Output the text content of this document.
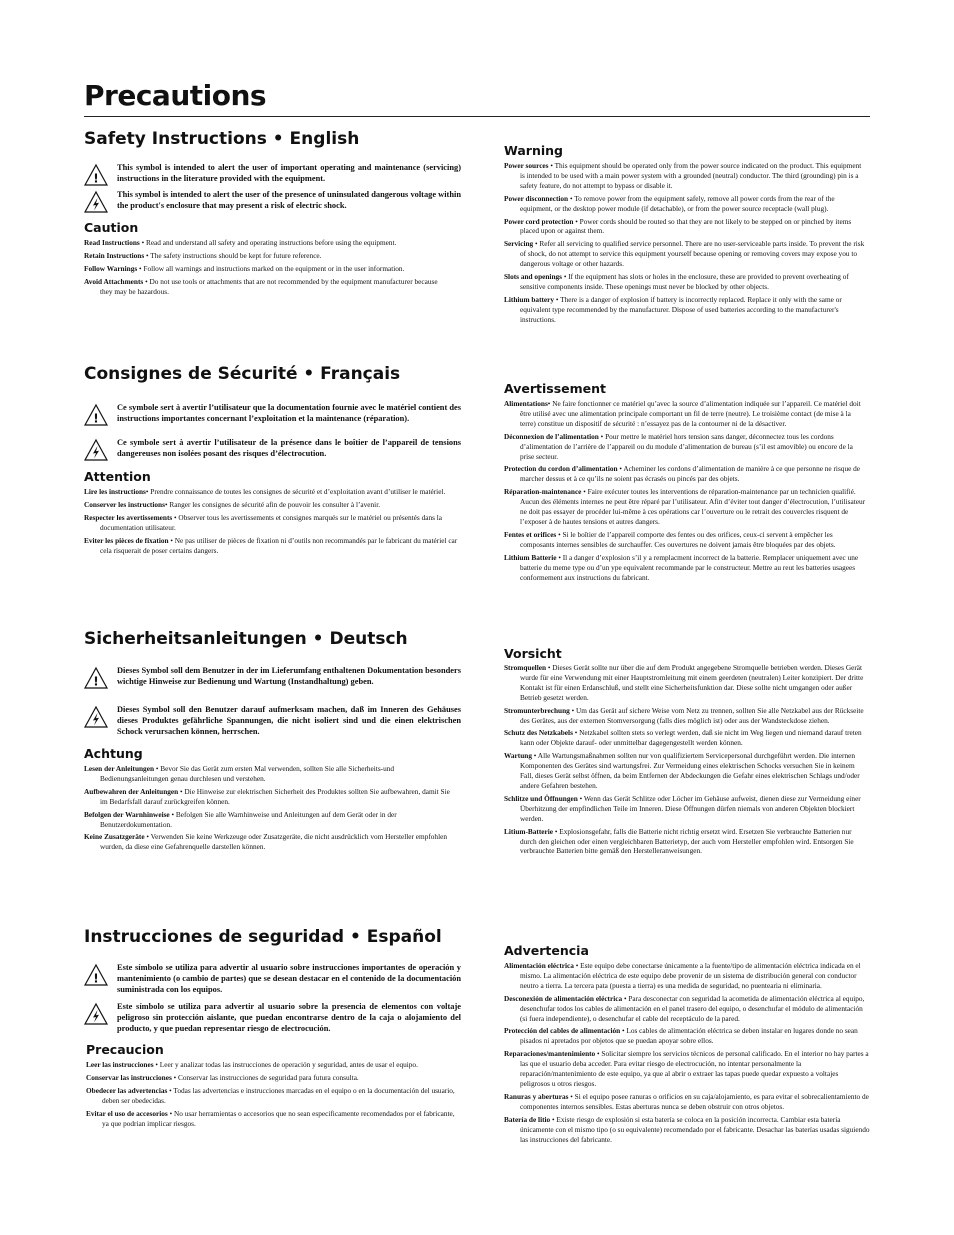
Precautions
Safety Instructions • English
!
This symbol is intended to alert the user of important operating and maintenance (servicing) instructions in the literature provided with the equipment.
This symbol is intended to alert the user of the presence of uninsulated dangerous voltage within the product's enclosure that may present a risk of electric shock.
Caution

Read Instructions • Read and understand all safety and operating instructions before using the equipment.

Retain Instructions • The safety instructions should be kept for future reference.

Follow Warnings • Follow all warnings and instructions marked on the equipment or in the user information.

Avoid Attachments • Do not use tools or attachments that are not recommended by the equipment manufacturer because they may be hazardous.

Warning

Power sources • This equipment should be operated only from the power source indicated on the product. This equipment is intended to be used with a main power system with a grounded (neutral) conductor. The third (grounding) pin is a safety feature, do not attempt to bypass or disable it.

Power disconnection • To remove power from the equipment safely, remove all power cords from the rear of the equipment, or the desktop power module (if detachable), or from the power source receptacle (wall plug).

Power cord protection • Power cords should be routed so that they are not likely to be stepped on or pinched by items placed upon or against them.

Servicing • Refer all servicing to qualified service personnel. There are no user-serviceable parts inside. To prevent the risk of shock, do not attempt to service this equipment yourself because opening or removing covers may expose you to dangerous voltage or other hazards.

Slots and openings • If the equipment has slots or holes in the enclosure, these are provided to prevent overheating of sensitive components inside. These openings must never be blocked by other objects.

Lithium battery • There is a danger of explosion if battery is incorrectly replaced. Replace it only with the same or equivalent type recommended by the manufacturer. Dispose of used batteries according to the manufacturer's instructions.

Consignes de Sécurité • Français
!
Ce symbole sert à avertir l’utilisateur que la documentation fournie avec le matériel contient des instructions importantes concernant l’exploitation et la maintenance (réparation).
Ce symbole sert à avertir l’utilisateur de la présence dans le boîtier de l’appareil de tensions dangereuses non isolées posant des risques d’électrocution.
Attention

Lire les instructions• Prendre connaissance de toutes les consignes de sécurité et d’exploitation avant d’utiliser le matériel.

Conserver les instructions• Ranger les consignes de sécurité afin de pouvoir les consulter à l’avenir.

Respecter les avertissements • Observer tous les avertissements et consignes marqués sur le matériel ou présentés dans la documentation utilisateur.

Eviter les pièces de fixation • Ne pas utiliser de pièces de fixation ni d’outils non recommandés par le fabricant du matériel car cela risquerait de poser certains dangers.

Avertissement

Alimentations• Ne faire fonctionner ce matériel qu’avec la source d’alimentation indiquée sur l’appareil. Ce matériel doit être utilisé avec une alimentation principale comportant un fil de terre (neutre). Le troisième contact (de mise à la terre) constitue un dispositif de sécurité : n’essayez pas de la contourner ni de la désactiver.

Déconnexion de l’alimentation • Pour mettre le matériel hors tension sans danger, déconnectez tous les cordons d’alimentation de l’arrière de l’appareil ou du module d’alimentation de bureau (s’il est amovible) ou encore de la prise secteur.

Protection du cordon d’alimentation • Acheminer les cordons d’alimentation de manière à ce que personne ne risque de marcher dessus et à ce qu’ils ne soient pas écrasés ou pincés par des objets.

Réparation-maintenance • Faire exécuter toutes les interventions de réparation-maintenance par un technicien qualifié. Aucun des éléments internes ne peut être réparé par l’utilisateur. Afin d’éviter tout danger d’électrocution, l’utilisateur ne doit pas essayer de procéder lui-même à ces opérations car l’ouverture ou le retrait des couvercles risquent de l’exposer à de hautes tensions et autres dangers.

Fentes et orifices • Si le boîtier de l’appareil comporte des fentes ou des orifices, ceux-ci servent à empêcher les composants internes sensibles de surchauffer. Ces ouvertures ne doivent jamais être bloquées par des objets.

Lithium Batterie • Il a danger d’explosion s’il y a remplacment incorrect de la batterie. Remplacer uniquement avec une batterie du meme type ou d’un ype equivalent recommande par le constructeur. Mettre au reut les batteries usagees conformement aux instructions du fabricant.

Sicherheitsanleitungen • Deutsch
!
Dieses Symbol soll dem Benutzer in der im Lieferumfang enthaltenen Dokumentation besonders wichtige Hinweise zur Bedienung und Wartung (Instandhaltung) geben.
Dieses Symbol soll den Benutzer darauf aufmerksam machen, daß im Inneren des Gehäuses dieses Produktes gefährliche Spannungen, die nicht isoliert sind und die einen elektrischen Schock verursachen können, herrschen.
Achtung

Lesen der Anleitungen • Bevor Sie das Gerät zum ersten Mal verwenden, sollten Sie alle Sicherheits-und Bedienungsanleitungen genau durchlesen und verstehen.

Aufbewahren der Anleitungen • Die Hinweise zur elektrischen Sicherheit des Produktes sollten Sie aufbewahren, damit Sie im Bedarfsfall darauf zurückgreifen können.

Befolgen der Warnhinweise • Befolgen Sie alle Warnhinweise und Anleitungen auf dem Gerät oder in der Benutzerdokumentation.

Keine Zusatzgeräte • Verwenden Sie keine Werkzeuge oder Zusatzgeräte, die nicht ausdrücklich vom Hersteller empfohlen wurden, da diese eine Gefahrenquelle darstellen können.

Vorsicht

Stromquellen • Dieses Gerät sollte nur über die auf dem Produkt angegebene Stromquelle betrieben werden. Dieses Gerät wurde für eine Verwendung mit einer Hauptstromleitung mit einem geerdeten (neutralen) Leiter konzipiert. Der dritte Kontakt ist für einen Erdanschluß, und stellt eine Sicherheitsfunktion dar. Diese sollte nicht umgangen oder außer Betrieb gesetzt werden.

Stromunterbrechung • Um das Gerät auf sichere Weise vom Netz zu trennen, sollten Sie alle Netzkabel aus der Rückseite des Gerätes, aus der externen Stomversorgung (falls dies möglich ist) oder aus der Wandsteckdose ziehen.

Schutz des Netzkabels • Netzkabel sollten stets so verlegt werden, daß sie nicht im Weg liegen und niemand darauf treten kann oder Objekte darauf- oder unmittelbar dagegengestellt werden können.

Wartung • Alle Wartungsmaßnahmen sollten nur von qualifiziertem Servicepersonal durchgeführt werden. Die internen Komponenten des Gerätes sind wartungsfrei. Zur Vermeidung eines elektrischen Schocks versuchen Sie in keinem Fall, dieses Gerät selbst öffnen, da beim Entfernen der Abdeckungen die Gefahr eines elektrischen Schlags und/oder andere Gefahren bestehen.

Schlitze und Öffnungen • Wenn das Gerät Schlitze oder Löcher im Gehäuse aufweist, dienen diese zur Vermeidung einer Überhitzung der empfindlichen Teile im Inneren. Diese Öffnungen dürfen niemals von anderen Objekten blockiert werden.

Litium-Batterie • Explosionsgefahr, falls die Batterie nicht richtig ersetzt wird. Ersetzen Sie verbrauchte Batterien nur durch den gleichen oder einen vergleichbaren Batterietyp, der auch vom Hersteller empfohlen wird. Entsorgen Sie verbrauchte Batterien bitte gemäß den Herstelleranweisungen.

Instrucciones de seguridad • Español
!
Este símbolo se utiliza para advertir al usuario sobre instrucciones importantes de operación y mantenimiento (o cambio de partes) que se desean destacar en el contenido de la documentación suministrada con los equipos.
Este símbolo se utiliza para advertir al usuario sobre la presencia de elementos con voltaje peligroso sin protección aislante, que puedan encontrarse dentro de la caja o alojamiento del producto, y que puedan representar riesgo de electrocución.
Precaucion

Leer las instrucciones • Leer y analizar todas las instrucciones de operación y seguridad, antes de usar el equipo.

Conservar las instrucciones • Conservar las instrucciones de seguridad para futura consulta.

Obedecer las advertencias • Todas las advertencias e instrucciones marcadas en el equipo o en la documentación del usuario, deben ser obedecidas.

Evitar el uso de accesorios • No usar herramientas o accesorios que no sean especificamente recomendados por el fabricante, ya que podrian implicar riesgos.

Advertencia

Alimentación eléctrica • Este equipo debe conectarse únicamente a la fuente/tipo de alimentación eléctrica indicada en el mismo. La alimentación eléctrica de este equipo debe provenir de un sistema de distribución general con conductor neutro a tierra. La tercera pata (puesta a tierra) es una medida de seguridad, no puentearia ni eliminaria.

Desconexión de alimentación eléctrica • Para desconectar con seguridad la acometida de alimentación eléctrica al equipo, desenchufar todos los cables de alimentación en el panel trasero del equipo, o desenchufar el módulo de alimentación (si fuera independiente), o desenchufar el cable del receptáculo de la pared.

Protección del cables de alimentación • Los cables de alimentación eléctrica se deben instalar en lugares donde no sean pisados ni apretados por objetos que se puedan apoyar sobre ellos.

Reparaciones/mantenimiento • Solicitar siempre los servicios técnicos de personal calificado. En el interior no hay partes a las que el usuario deba acceder. Para evitar riesgo de electrocución, no intentar personalmente la reparación/mantenimiento de este equipo, ya que al abrir o extraer las tapas puede quedar expuesto a voltajes peligrosos u otros riesgos.

Ranuras y aberturas • Si el equipo posee ranuras o orificios en su caja/alojamiento, es para evitar el sobrecalientamiento de componentes internos sensibles. Estas aberturas nunca se deben obstruir con otros objetos.

Batería de litio • Existe riesgo de explosión si esta batería se coloca en la posición incorrecta. Cambiar esta batería únicamente con el mismo tipo (o su equivalente) recomendado por el fabricante. Desachar las baterías usadas siguiendo las instrucciones del fabricante.
